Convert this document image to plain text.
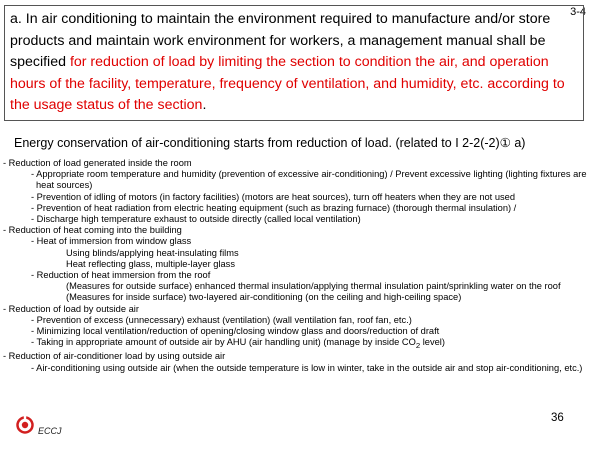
3-4
a. In air conditioning to maintain the environment required to manufacture and/or store products and maintain work environment for workers, a management manual shall be specified for reduction of load by limiting the section to condition the air, and operation hours of the facility, temperature, frequency of ventilation, and humidity, etc. according to the usage status of the section.
Energy conservation of air-conditioning starts from reduction of load. (related to I 2-2(-2)① a)

- Reduction of load generated inside the room

- Appropriate room temperature and humidity (prevention of excessive air-conditioning) / Prevent excessive lighting (lighting fixtures are heat sources)

- Prevention of idling of motors (in factory facilities) (motors are heat sources), turn off heaters when they are not used

- Prevention of heat radiation from electric heating equipment (such as brazing furnace) (thorough thermal insulation) /

- Discharge high temperature exhaust to outside directly (called local ventilation)

- Reduction of heat coming into the building

- Heat of immersion from window glass

Using blinds/applying heat-insulating films

Heat reflecting glass, multiple-layer glass

- Reduction of heat immersion from the roof

(Measures for outside surface) enhanced thermal insulation/applying thermal insulation paint/sprinkling water on the roof

(Measures for inside surface) two-layered air-conditioning (on the ceiling and high-ceiling space)

- Reduction of load by outside air

- Prevention of excess (unnecessary) exhaust (ventilation) (wall ventilation fan, roof fan, etc.)

- Minimizing local ventilation/reduction of opening/closing window glass and doors/reduction of draft

- Taking in appropriate amount of outside air by AHU (air handling unit) (manage by inside $CO_2$ level)

- Reduction of air-conditioner load by using outside air

- Air-conditioning using outside air (when the outside temperature is low in winter, take in the outside air and stop air-conditioning, etc.)

ECCJ
36
